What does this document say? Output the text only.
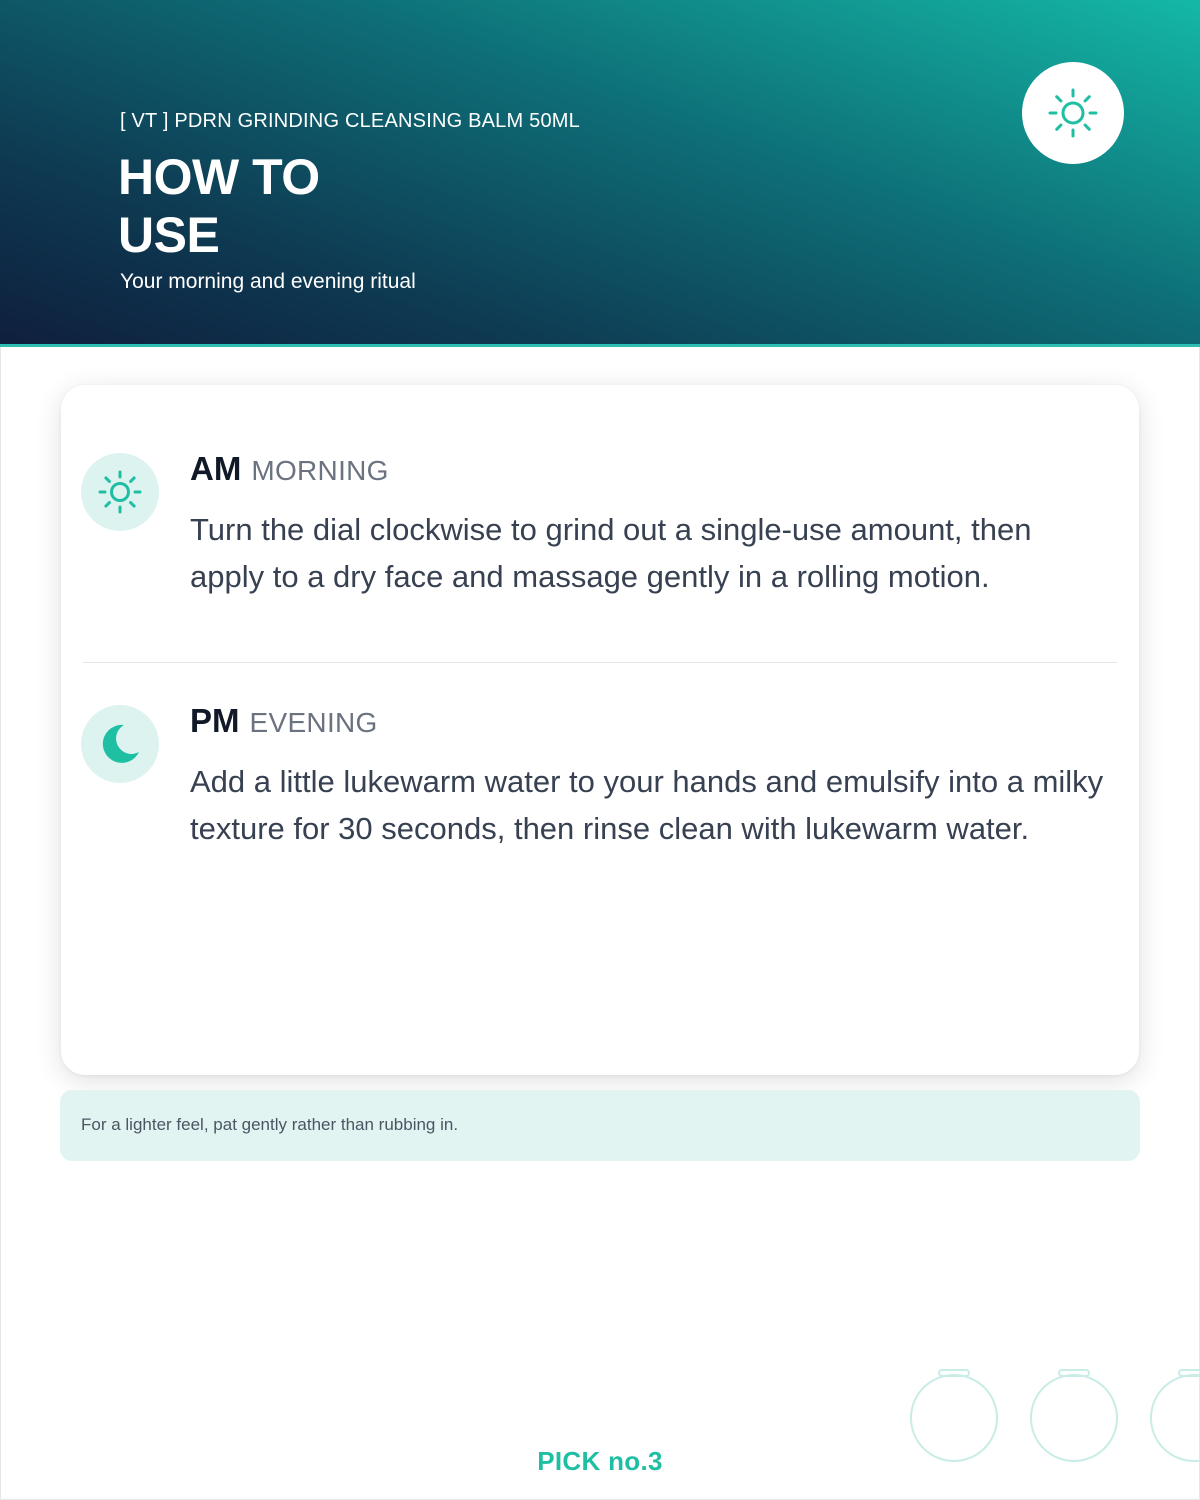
[ VT ] PDRN GRINDING CLEANSING BALM 50ML
HOW TO
USE
Your morning and evening ritual
AM MORNING

Turn the dial clockwise to grind out a single-use amount, then apply to a dry face and massage gently in a rolling motion.

PM EVENING

Add a little lukewarm water to your hands and emulsify into a milky texture for 30 seconds, then rinse clean with lukewarm water.

For a lighter feel, pat gently rather than rubbing in.
PICK no.3
